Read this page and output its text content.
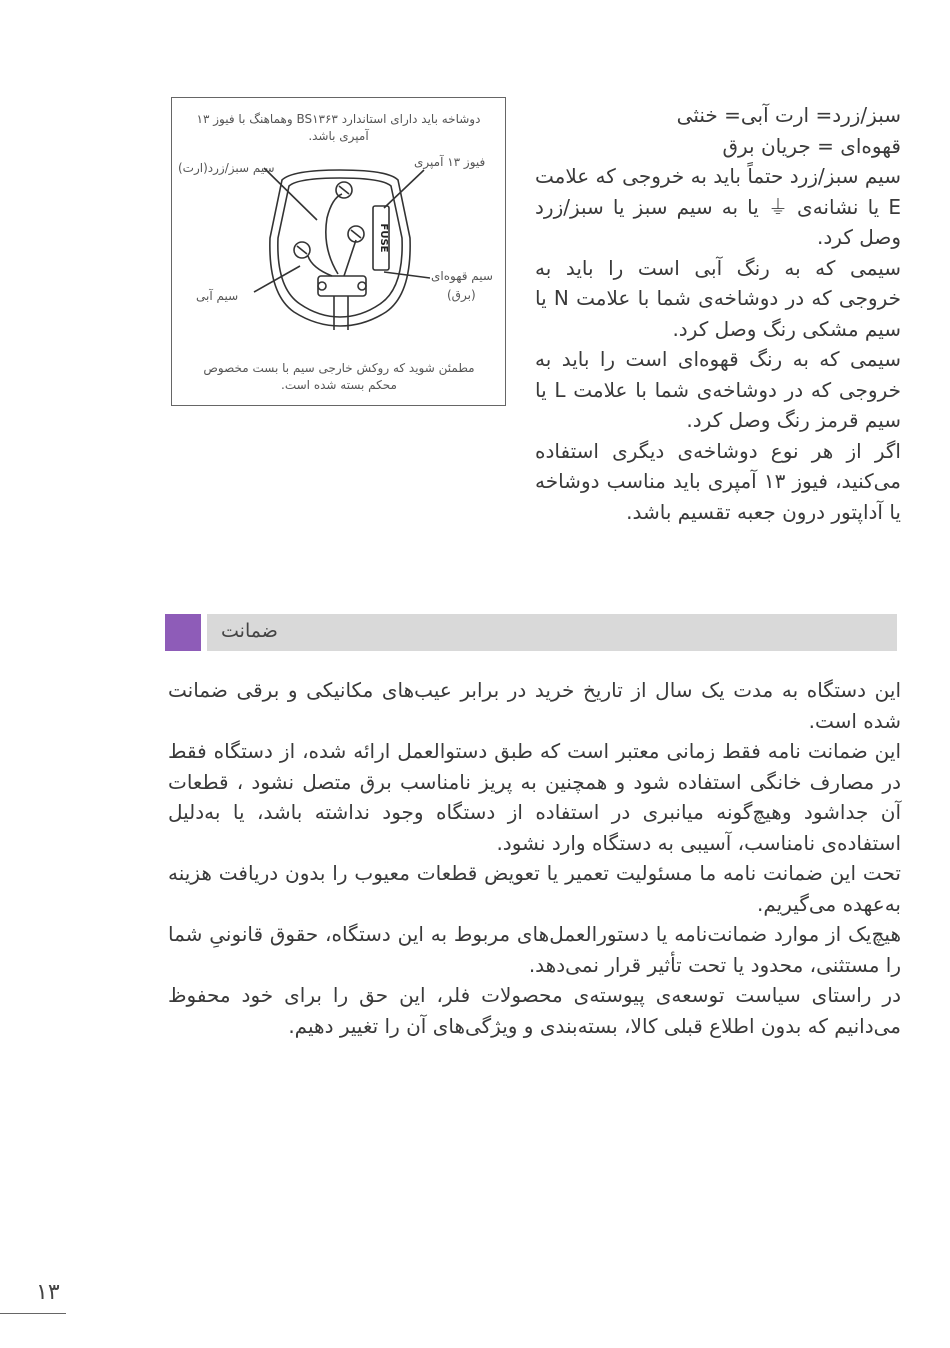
سبز/زرد= ارت آبی= خنثی

قهوه‌ای = جریان برق

سیم سبز/زرد حتماً باید به خروجی که علامت E یا نشانه‌ی ⏚ یا به سیم سبز یا سبز/زرد وصل کرد.

سیمی که به رنگ آبی است را باید به خروجی که در دوشاخه‌ی شما با علامت N یا سیم مشکی رنگ وصل کرد.

سیمی که به رنگ قهوه‌ای است را باید به خروجی که در دوشاخه‌ی شما با علامت L یا سیم قرمز رنگ وصل کرد.

اگر از هر نوع دوشاخه‌ی دیگری استفاده می‌کنید، فیوز ۱۳ آمپری باید مناسب دوشاخه یا آداپتور درون جعبه تقسیم باشد.

دوشاخه باید دارای استاندارد BS۱۳۶۳ وهماهنگ با فیوز ۱۳ آمپری باشد.
سیم سبز/زرد(ارت)	فیوز ۱۳ آمپری
سیم قهوه‌ای
(برق)
سیم آبی
FUSE
مطمئن شوید که روکش خارجی سیم با بست مخصوص محکم بسته شده است.
ضمانت

این دستگاه به مدت یک سال از تاریخ خرید در برابر عیب‌های مکانیکی و برقی ضمانت شده است.

این ضمانت نامه فقط زمانی معتبر است که طبق دستوالعمل ارائه شده، از دستگاه فقط در مصارف خانگی استفاده شود و همچنین به پریز نامناسب برق متصل نشود ، قطعات آن جداشود وهیچ‌گونه میانبری در استفاده از دستگاه وجود نداشته باشد، یا به‌دلیل استفاده‌ی نامناسب، آسیبی به دستگاه وارد نشود.

تحت این ضمانت نامه ما مسئولیت تعمیر یا تعویض قطعات معیوب را بدون دریافت هزینه به‌عهده می‌گیریم.

هیچ‌یک از موارد ضمانت‌نامه یا دستورالعمل‌های مربوط به این دستگاه، حقوق قانونیِ شما را مستثنی، محدود یا تحت تأثیر قرار نمی‌دهد.

در راستای سیاست توسعه‌ی پیوسته‌ی محصولات فلر، این حق را برای خود محفوظ می‌دانیم که بدون اطلاع قبلی کالا، بسته‌بندی و ویژگی‌های آن را تغییر دهیم.

۱۳
